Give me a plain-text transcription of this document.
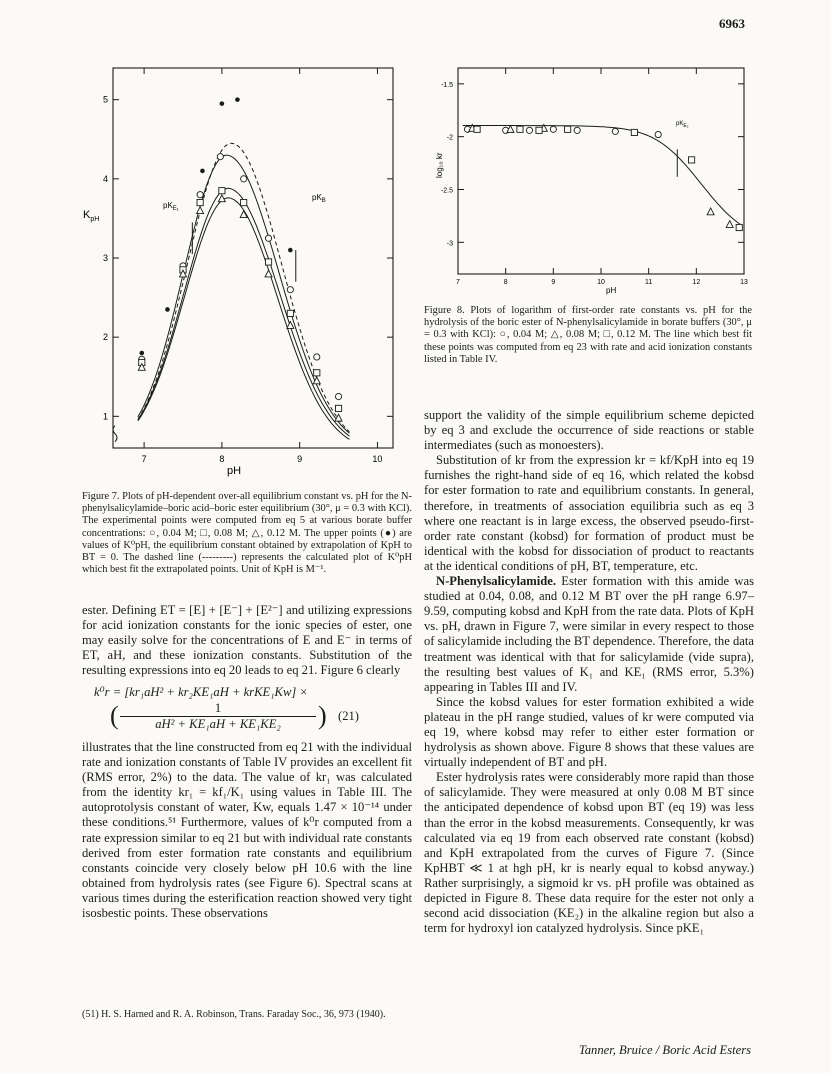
6963
7	8	9	10
1
2
3
4
5
$K_{pH}$
pH
$pK_{E_1}$
$pK_B$
Figure 7. Plots of pH-dependent over-all equilibrium constant vs. pH for the N-phenylsalicylamide–boric acid–boric ester equilibrium (30°, μ = 0.3 with KCl). The experimental points were computed from eq 5 at various borate buffer concentrations: ○, 0.04 M; □, 0.08 M; △, 0.12 M. The upper points (●) are values of K⁰pH, the equilibrium constant obtained by extrapolation of KpH to BT = 0. The dashed line (---------) represents the calculated plot of K⁰pH which best fit the extrapolated points. Unit of KpH is M⁻¹.
7	8	9	10	11	12	13
-1.5
-2
-2.5
-3
log₁₀ kr
pH
$pK_{E_2}$
Figure 8. Plots of logarithm of first-order rate constants vs. pH for the hydrolysis of the boric ester of N-phenylsalicylamide in borate buffers (30°, μ = 0.3 with KCl): ○, 0.04 M; △, 0.08 M; □, 0.12 M. The line which best fit these points was computed from eq 23 with rate and acid ionization constants listed in Table IV.

ester. Defining ET = [E] + [E⁻] + [E²⁻] and utilizing expressions for acid ionization constants for the ionic species of ester, one may easily solve for the concentrations of E and E⁻ in terms of ET, aH, and these ionization constants. Substitution of the resulting expressions into eq 20 leads to eq 21. Figure 6 clearly

k⁰r = [kr₁aH² + kr₂KE₁aH + krKE₁Kw] ×
( $\frac{1}{\text{aH² + KE₁aH + KE₁KE₂}}$ ) (21)

illustrates that the line constructed from eq 21 with the individual rate and ionization constants of Table IV provides an excellent fit (RMS error, 2%) to the data. The value of kr₁ was calculated from the identity kr₁ = kf₁/K₁ using values in Table III. The autoprotolysis constant of water, Kw, equals 1.47 × 10⁻¹⁴ under these conditions.⁵¹ Furthermore, values of k⁰r computed from a rate expression similar to eq 21 but with individual rate constants derived from ester formation rate constants and equilibrium constants coincide very closely below pH 10.6 with the line obtained from hydrolysis rates (see Figure 6). Spectral scans at various times during the esterification reaction showed very tight isosbestic points. These observations

(51) H. S. Harned and R. A. Robinson, Trans. Faraday Soc., 36, 973 (1940).

support the validity of the simple equilibrium scheme depicted by eq 3 and exclude the occurrence of side reactions or stable intermediates (such as monoesters).

Substitution of kr from the expression kr = kf/KpH into eq 19 furnishes the right-hand side of eq 16, which related the kobsd for ester formation to rate and equilibrium constants. In general, therefore, in treatments of association equilibria such as eq 3 where one reactant is in large excess, the observed pseudo-first-order rate constant (kobsd) for formation of product must be identical with the kobsd for dissociation of product to reactants at the identical conditions of pH, BT, temperature, etc.

N-Phenylsalicylamide. Ester formation with this amide was studied at 0.04, 0.08, and 0.12 M BT over the pH range 6.97–9.59, computing kobsd and KpH from the rate data. Plots of KpH vs. pH, drawn in Figure 7, were similar in every respect to those of salicylamide including the BT dependence. Therefore, the data treatment was identical with that for salicylamide (vide supra), the resulting best values of K₁ and KE₁ (RMS error, 5.3%) appearing in Tables III and IV.

Since the kobsd values for ester formation exhibited a wide plateau in the pH range studied, values of kr were computed via eq 19, where kobsd may refer to either ester formation or hydrolysis as shown above. Figure 8 shows that these values are virtually independent of BT and pH.

Ester hydrolysis rates were considerably more rapid than those of salicylamide. They were measured at only 0.08 M BT since the anticipated dependence of kobsd upon BT (eq 19) was less than the error in the kobsd measurements. Consequently, kr was calculated via eq 19 from each observed rate constant (kobsd) and KpH extrapolated from the curves of Figure 7. (Since KpHBT ≪ 1 at hgh pH, kr is nearly equal to kobsd anyway.) Rather surprisingly, a sigmoid kr vs. pH profile was obtained as depicted in Figure 8. These data require for the ester not only a second acid dissociation (KE₂) in the alkaline region but also a term for hydroxyl ion catalyzed hydrolysis. Since pKE₁

Tanner, Bruice / Boric Acid Esters
